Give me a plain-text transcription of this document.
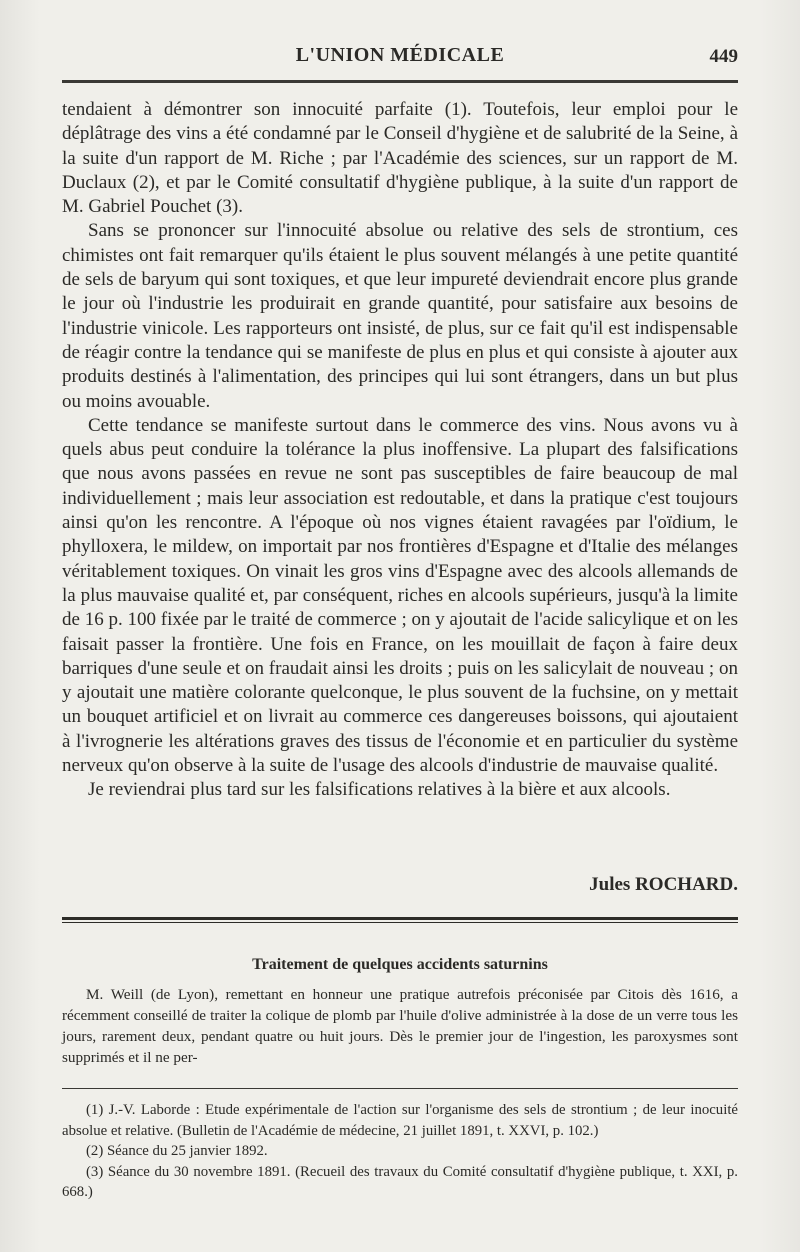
L'UNION MÉDICALE	449

tendaient à démontrer son innocuité parfaite (1). Toutefois, leur emploi pour le déplâtrage des vins a été condamné par le Conseil d'hygiène et de salubrité de la Seine, à la suite d'un rapport de M. Riche ; par l'Académie des sciences, sur un rapport de M. Duclaux (2), et par le Comité consultatif d'hygiène publique, à la suite d'un rapport de M. Gabriel Pouchet (3).

Sans se prononcer sur l'innocuité absolue ou relative des sels de strontium, ces chimistes ont fait remarquer qu'ils étaient le plus souvent mélangés à une petite quantité de sels de baryum qui sont toxiques, et que leur impureté deviendrait encore plus grande le jour où l'industrie les produirait en grande quantité, pour satisfaire aux besoins de l'industrie vinicole. Les rapporteurs ont insisté, de plus, sur ce fait qu'il est indispensable de réagir contre la tendance qui se manifeste de plus en plus et qui consiste à ajouter aux produits destinés à l'alimentation, des principes qui lui sont étrangers, dans un but plus ou moins avouable.

Cette tendance se manifeste surtout dans le commerce des vins. Nous avons vu à quels abus peut conduire la tolérance la plus inoffensive. La plupart des falsifications que nous avons passées en revue ne sont pas susceptibles de faire beaucoup de mal individuellement ; mais leur association est redoutable, et dans la pratique c'est toujours ainsi qu'on les rencontre. A l'époque où nos vignes étaient ravagées par l'oïdium, le phylloxera, le mildew, on importait par nos frontières d'Espagne et d'Italie des mélanges véritablement toxiques. On vinait les gros vins d'Espagne avec des alcools allemands de la plus mauvaise qualité et, par conséquent, riches en alcools supérieurs, jusqu'à la limite de 16 p. 100 fixée par le traité de commerce ; on y ajoutait de l'acide salicylique et on les faisait passer la frontière. Une fois en France, on les mouillait de façon à faire deux barriques d'une seule et on fraudait ainsi les droits ; puis on les salicylait de nouveau ; on y ajoutait une matière colorante quelconque, le plus souvent de la fuchsine, on y mettait un bouquet artificiel et on livrait au commerce ces dangereuses boissons, qui ajoutaient à l'ivrognerie les altérations graves des tissus de l'économie et en particulier du système nerveux qu'on observe à la suite de l'usage des alcools d'industrie de mauvaise qualité.

Je reviendrai plus tard sur les falsifications relatives à la bière et aux alcools.

Jules ROCHARD.
Traitement de quelques accidents saturnins

M. Weill (de Lyon), remettant en honneur une pratique autrefois préconisée par Citois dès 1616, a récemment conseillé de traiter la colique de plomb par l'huile d'olive administrée à la dose de un verre tous les jours, rarement deux, pendant quatre ou huit jours. Dès le premier jour de l'ingestion, les paroxysmes sont supprimés et il ne per-

(1) J.-V. Laborde : Etude expérimentale de l'action sur l'organisme des sels de strontium ; de leur inocuité absolue et relative. (Bulletin de l'Académie de médecine, 21 juillet 1891, t. XXVI, p. 102.)
(2) Séance du 25 janvier 1892.
(3) Séance du 30 novembre 1891. (Recueil des travaux du Comité consultatif d'hygiène publique, t. XXI, p. 668.)
